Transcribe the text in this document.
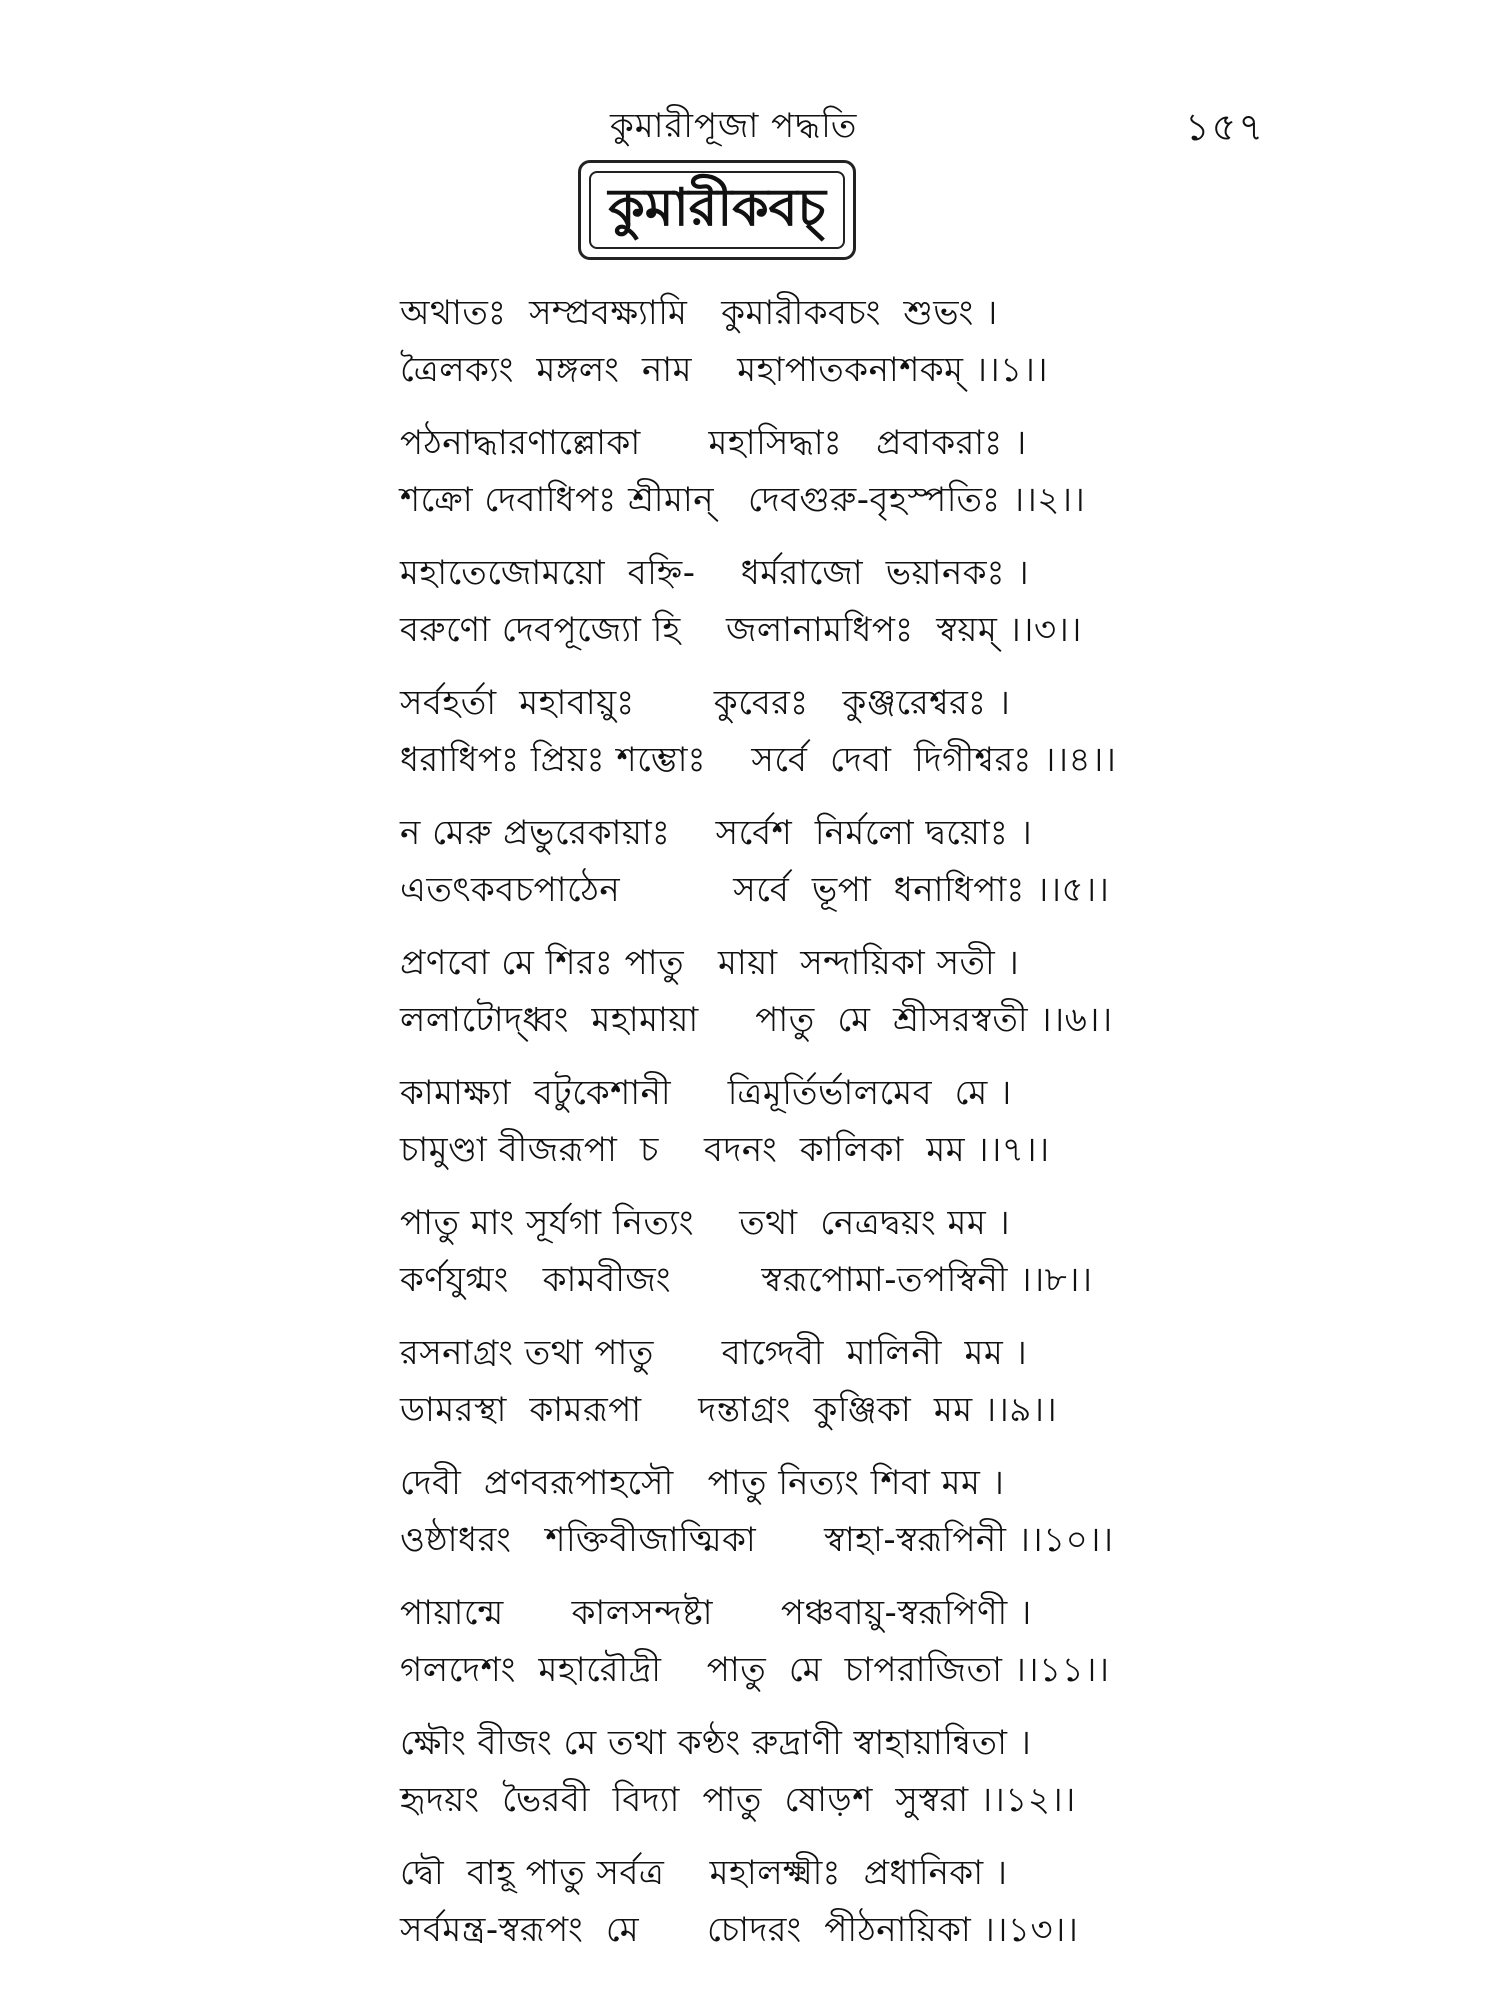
কুমারীপূজা পদ্ধতি	১৫৭
কুমারীকবচ্
অথাতঃ  সম্প্রবক্ষ্যামি   কুমারীকবচং  শুভং ।
ত্রৈলক্যং  মঙ্গলং  নাম    মহাপাতকনাশকম্ ।।১।।
পঠনাদ্ধারণাল্লোকা      মহাসিদ্ধাঃ   প্রবাকরাঃ ।
শক্রো দেবাধিপঃ শ্রীমান্   দেবগুরু-বৃহস্পতিঃ ।।২।।
মহাতেজোময়ো  বহ্নি-    ধর্মরাজো  ভয়ানকঃ ।
বরুণো দেবপূজ্যো হি    জলানামধিপঃ  স্বয়ম্ ।।৩।।
সর্বহর্তা  মহাবায়ুঃ       কুবেরঃ   কুঞ্জরেশ্বরঃ ।
ধরাধিপঃ প্রিয়ঃ শম্ভোঃ    সর্বে  দেবা  দিগীশ্বরঃ ।।৪।।
ন মেরু প্রভুরেকায়াঃ    সর্বেশ  নির্মলো দ্বয়োঃ ।
এতৎকবচপাঠেন          সর্বে  ভূপা  ধনাধিপাঃ ।।৫।।
প্রণবো মে শিরঃ পাতু   মায়া  সন্দায়িকা সতী ।
ললাটোদ্ধ্বং  মহামায়া     পাতু  মে  শ্রীসরস্বতী ।।৬।।
কামাক্ষ্যা  বটুকেশানী     ত্রিমূর্তির্ভালমেব  মে ।
চামুণ্ডা বীজরূপা  চ    বদনং  কালিকা  মম ।।৭।।
পাতু মাং সূর্যগা নিত্যং    তথা  নেত্রদ্বয়ং মম ।
কর্ণযুগ্মং   কামবীজং        স্বরূপোমা-তপস্বিনী ।।৮।।
রসনাগ্রং তথা পাতু      বাগ্দেবী  মালিনী  মম ।
ডামরস্থা  কামরূপা     দন্তাগ্রং  কুঞ্জিকা  মম ।।৯।।
দেবী  প্রণবরূপাহসৌ   পাতু নিত্যং শিবা মম ।
ওষ্ঠাধরং   শক্তিবীজাত্মিকা      স্বাহা-স্বরূপিনী ।।১০।।
পায়ান্মে      কালসন্দষ্টা      পঞ্চবায়ু-স্বরূপিণী ।
গলদেশং  মহারৌদ্রী    পাতু  মে  চাপরাজিতা ।।১১।।
ক্ষৌং বীজং মে তথা কণ্ঠং রুদ্রাণী স্বাহায়ান্বিতা ।
হৃদয়ং  ভৈরবী  বিদ্যা  পাতু  ষোড়শ  সুস্বরা ।।১২।।
দ্বৌ  বাহূ পাতু সর্বত্র    মহালক্ষ্মীঃ  প্রধানিকা ।
সর্বমন্ত্র-স্বরূপং  মে      চোদরং  পীঠনায়িকা ।।১৩।।
